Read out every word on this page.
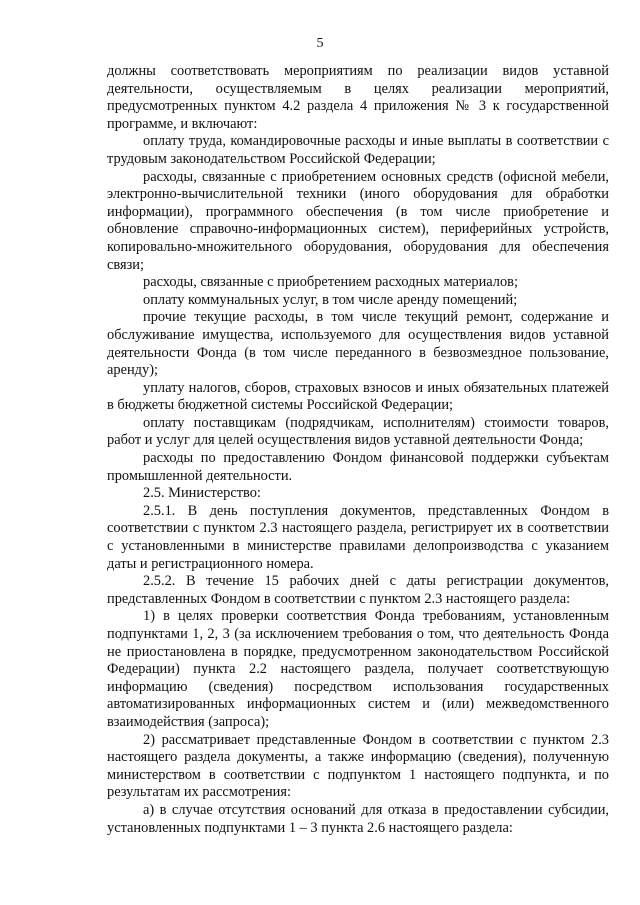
5

должны соответствовать мероприятиям по реализации видов уставной деятельности, осуществляемым в целях реализации мероприятий, предусмотренных пунктом 4.2 раздела 4 приложения № 3 к государственной программе, и включают:

оплату труда, командировочные расходы и иные выплаты в соответствии с трудовым законодательством Российской Федерации;

расходы, связанные с приобретением основных средств (офисной мебели, электронно-вычислительной техники (иного оборудования для обработки информации), программного обеспечения (в том числе приобретение и обновление справочно-информационных систем), периферийных устройств, копировально-множительного оборудования, оборудования для обеспечения связи;

расходы, связанные с приобретением расходных материалов;

оплату коммунальных услуг, в том числе аренду помещений;

прочие текущие расходы, в том числе текущий ремонт, содержание и обслуживание имущества, используемого для осуществления видов уставной деятельности Фонда (в том числе переданного в безвозмездное пользование, аренду);

уплату налогов, сборов, страховых взносов и иных обязательных платежей в бюджеты бюджетной системы Российской Федерации;

оплату поставщикам (подрядчикам, исполнителям) стоимости товаров, работ и услуг для целей осуществления видов уставной деятельности Фонда;

расходы по предоставлению Фондом финансовой поддержки субъектам промышленной деятельности.

2.5. Министерство:

2.5.1. В день поступления документов, представленных Фондом в соответствии с пунктом 2.3 настоящего раздела, регистрирует их в соответствии с установленными в министерстве правилами делопроизводства с указанием даты и регистрационного номера.

2.5.2. В течение 15 рабочих дней с даты регистрации документов, представленных Фондом в соответствии с пунктом 2.3 настоящего раздела:

1) в целях проверки соответствия Фонда требованиям, установленным подпунктами 1, 2, 3 (за исключением требования о том, что деятельность Фонда не приостановлена в порядке, предусмотренном законодательством Российской Федерации) пункта 2.2 настоящего раздела, получает соответствующую информацию (сведения) посредством использования государственных автоматизированных информационных систем и (или) межведомственного взаимодействия (запроса);

2) рассматривает представленные Фондом в соответствии с пунктом 2.3 настоящего раздела документы, а также информацию (сведения), полученную министерством в соответствии с подпунктом 1 настоящего подпункта, и по результатам их рассмотрения:

а) в случае отсутствия оснований для отказа в предоставлении субсидии, установленных подпунктами 1 – 3 пункта 2.6 настоящего раздела:
